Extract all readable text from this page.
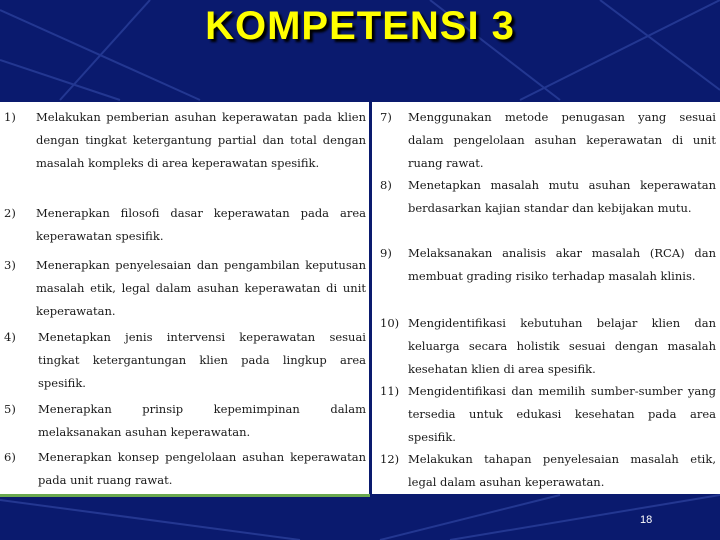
KOMPETENSI 3
1) Melakukan pemberian asuhan keperawatan pada klien dengan tingkat ketergantung partial dan total dengan masalah kompleks di area keperawatan spesifik.
2) Menerapkan filosofi dasar keperawatan pada area keperawatan spesifik.
3) Menerapkan penyelesaian dan pengambilan keputusan masalah etik, legal dalam asuhan keperawatan di unit keperawatan.
4) Menetapkan jenis intervensi keperawatan sesuai tingkat ketergantungan klien pada lingkup area spesifik.
5) Menerapkan prinsip kepemimpinan dalam melaksanakan asuhan keperawatan.
6) Menerapkan konsep pengelolaan asuhan keperawatan pada unit ruang rawat.
7) Menggunakan metode penugasan yang sesuai dalam pengelolaan asuhan keperawatan di unit ruang rawat.
8) Menetapkan masalah mutu asuhan keperawatan berdasarkan kajian standar dan kebijakan mutu.
9) Melaksanakan analisis akar masalah (RCA) dan membuat grading risiko terhadap masalah klinis.
10) Mengidentifikasi kebutuhan belajar klien dan keluarga secara holistik sesuai dengan masalah kesehatan klien di area spesifik.
11) Mengidentifikasi dan memilih sumber-sumber yang tersedia untuk edukasi kesehatan pada area spesifik.
12) Melakukan tahapan penyelesaian masalah etik, legal dalam asuhan keperawatan.
18
